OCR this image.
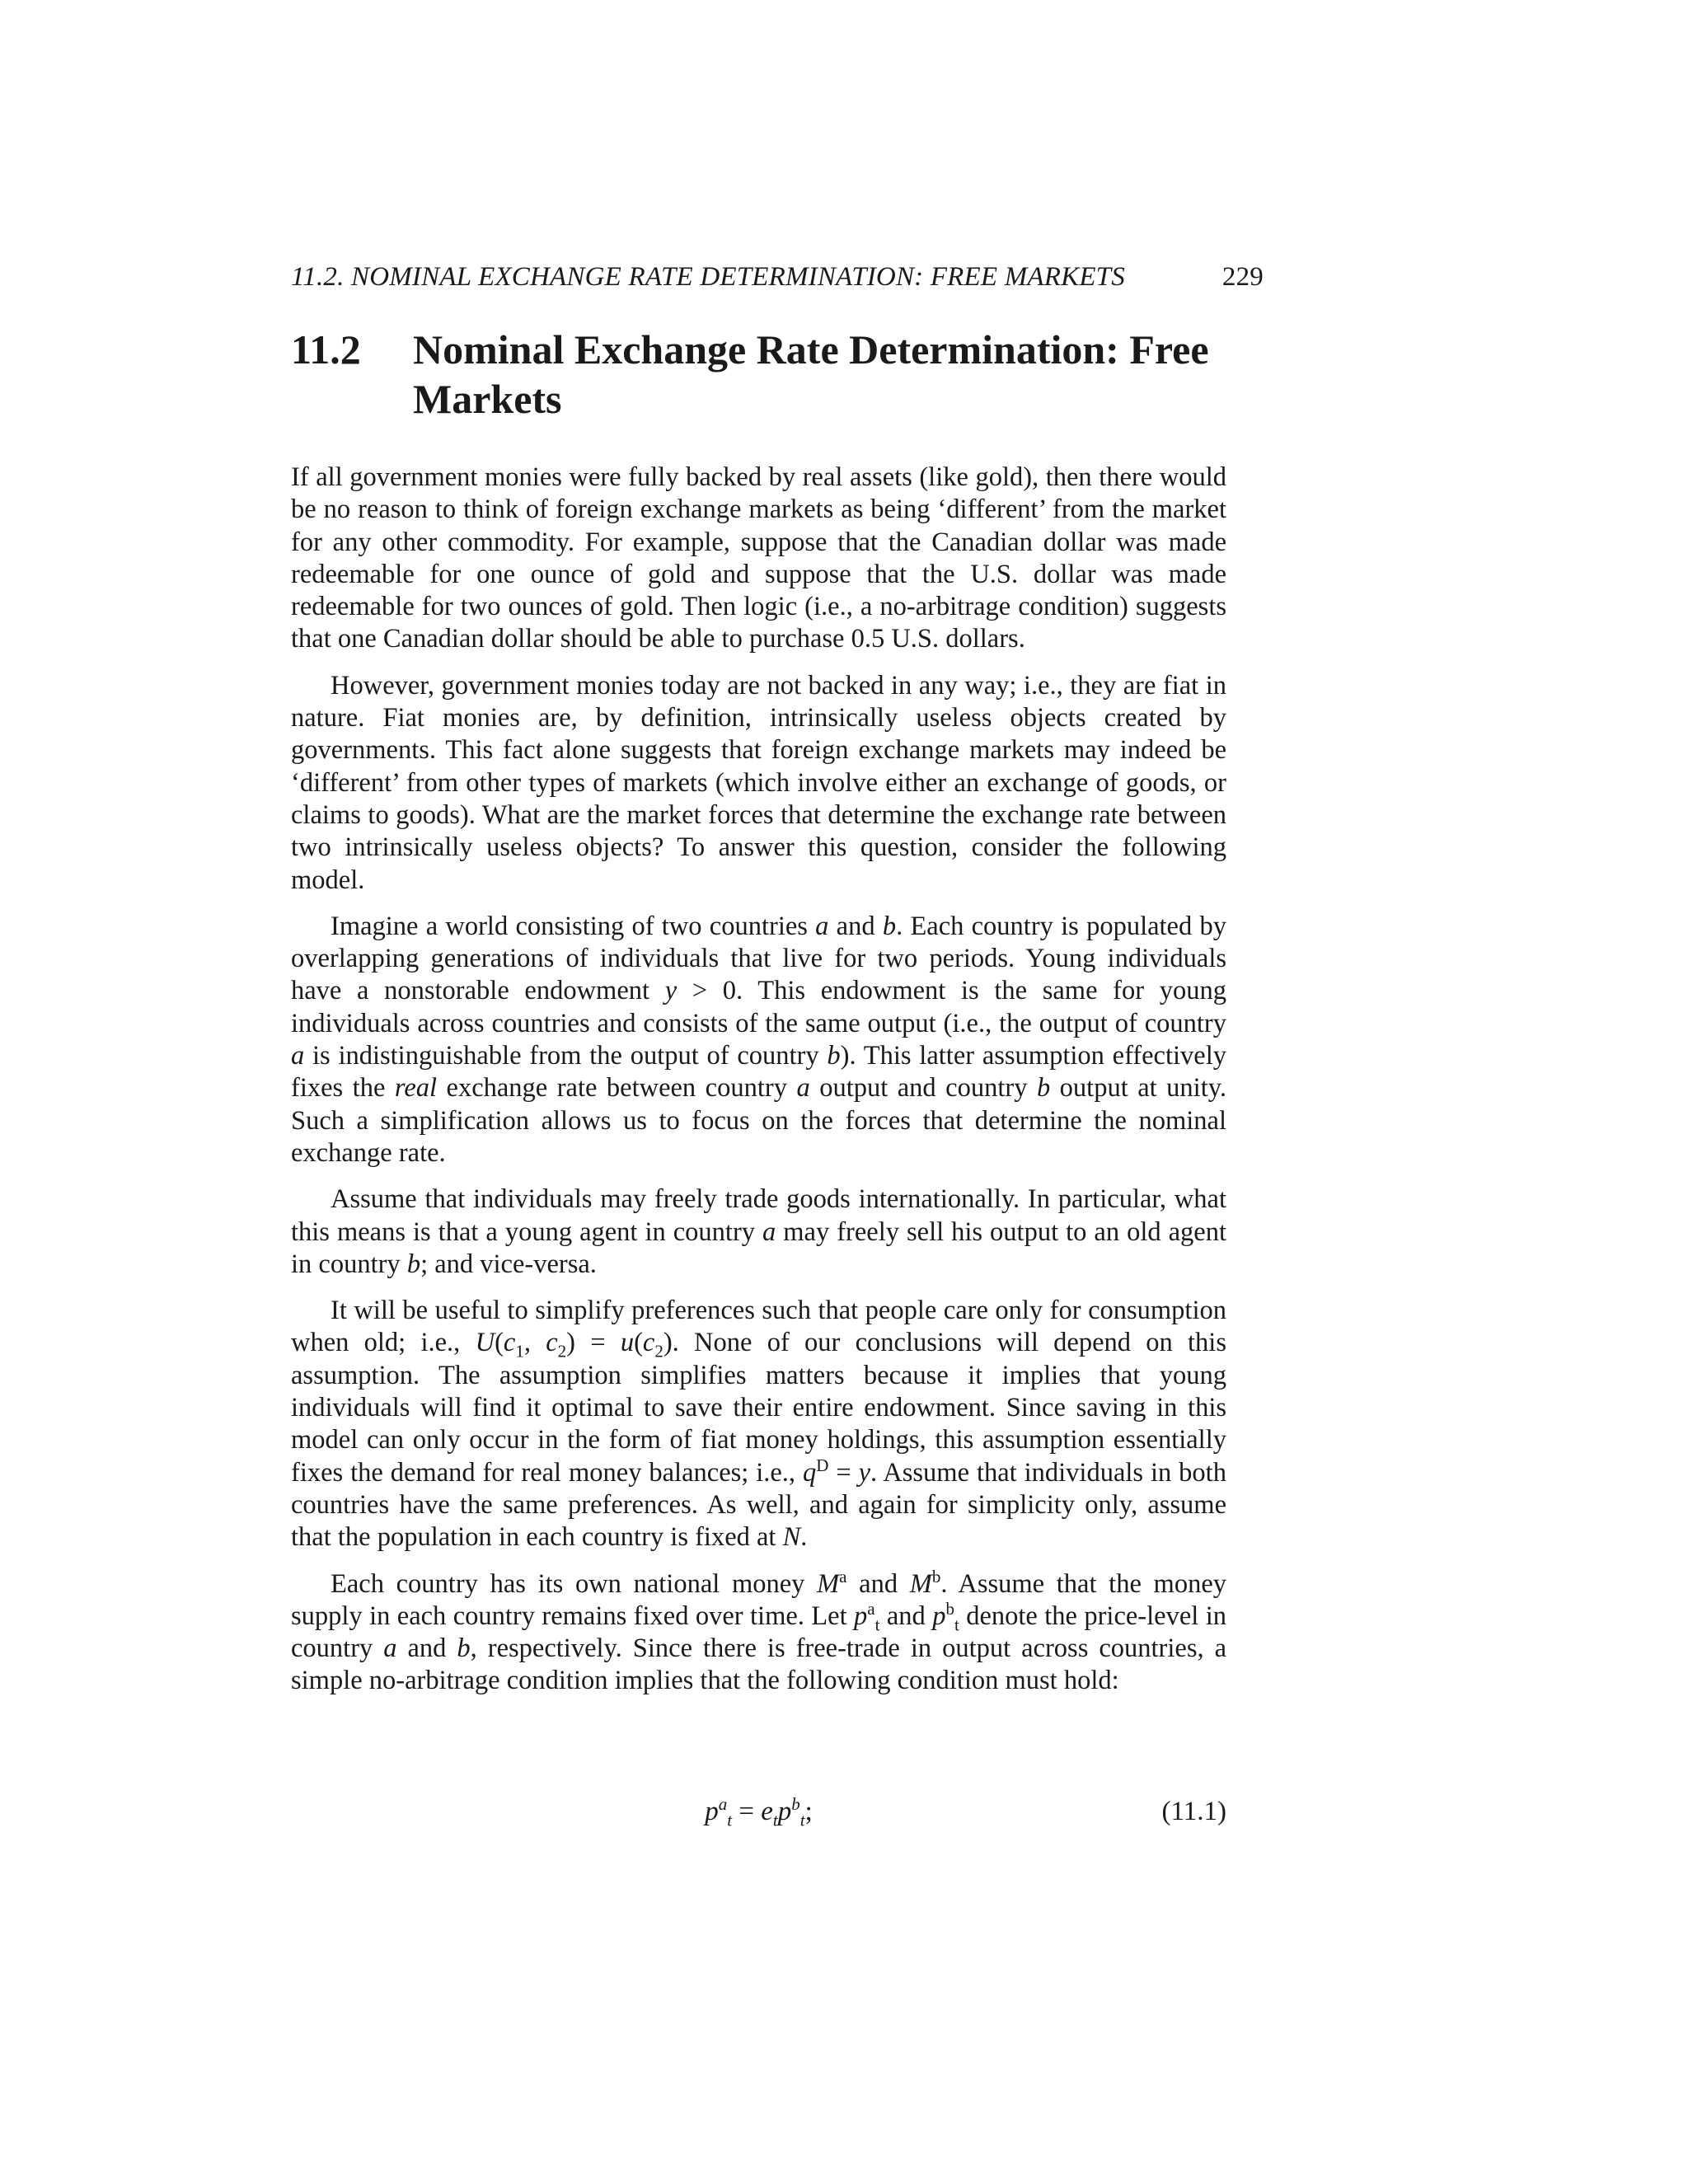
11.2. NOMINAL EXCHANGE RATE DETERMINATION: FREE MARKETS	229
11.2 Nominal Exchange Rate Determination: Free Markets

If all government monies were fully backed by real assets (like gold), then there would be no reason to think of foreign exchange markets as being ‘different’ from the market for any other commodity. For example, suppose that the Canadian dollar was made redeemable for one ounce of gold and suppose that the U.S. dollar was made redeemable for two ounces of gold. Then logic (i.e., a no-arbitrage condition) suggests that one Canadian dollar should be able to purchase 0.5 U.S. dollars.

However, government monies today are not backed in any way; i.e., they are fiat in nature. Fiat monies are, by definition, intrinsically useless objects created by governments. This fact alone suggests that foreign exchange markets may indeed be ‘different’ from other types of markets (which involve either an exchange of goods, or claims to goods). What are the market forces that determine the exchange rate between two intrinsically useless objects? To answer this question, consider the following model.

Imagine a world consisting of two countries a and b. Each country is populated by overlapping generations of individuals that live for two periods. Young individuals have a nonstorable endowment y > 0. This endowment is the same for young individuals across countries and consists of the same output (i.e., the output of country a is indistinguishable from the output of country b). This latter assumption effectively fixes the real exchange rate between country a output and country b output at unity. Such a simplification allows us to focus on the forces that determine the nominal exchange rate.

Assume that individuals may freely trade goods internationally. In particular, what this means is that a young agent in country a may freely sell his output to an old agent in country b; and vice-versa.

It will be useful to simplify preferences such that people care only for consumption when old; i.e., $U(c_1$, $c_2) = u(c_2)$. None of our conclusions will depend on this assumption. The assumption simplifies matters because it implies that young individuals will find it optimal to save their entire endowment. Since saving in this model can only occur in the form of fiat money holdings, this assumption essentially fixes the demand for real money balances; i.e., $q^D = y$. Assume that individuals in both countries have the same preferences. As well, and again for simplicity only, assume that the population in each country is fixed at N.

Each country has its own national money $M^a$ and $M^b$. Assume that the money supply in each country remains fixed over time. Let $p^a_t$ and $p^b_t$ denote the price-level in country a and b, respectively. Since there is free-trade in output across countries, a simple no-arbitrage condition implies that the following condition must hold:

$p^a_t = e_tp^b_t$;	(11.1)
